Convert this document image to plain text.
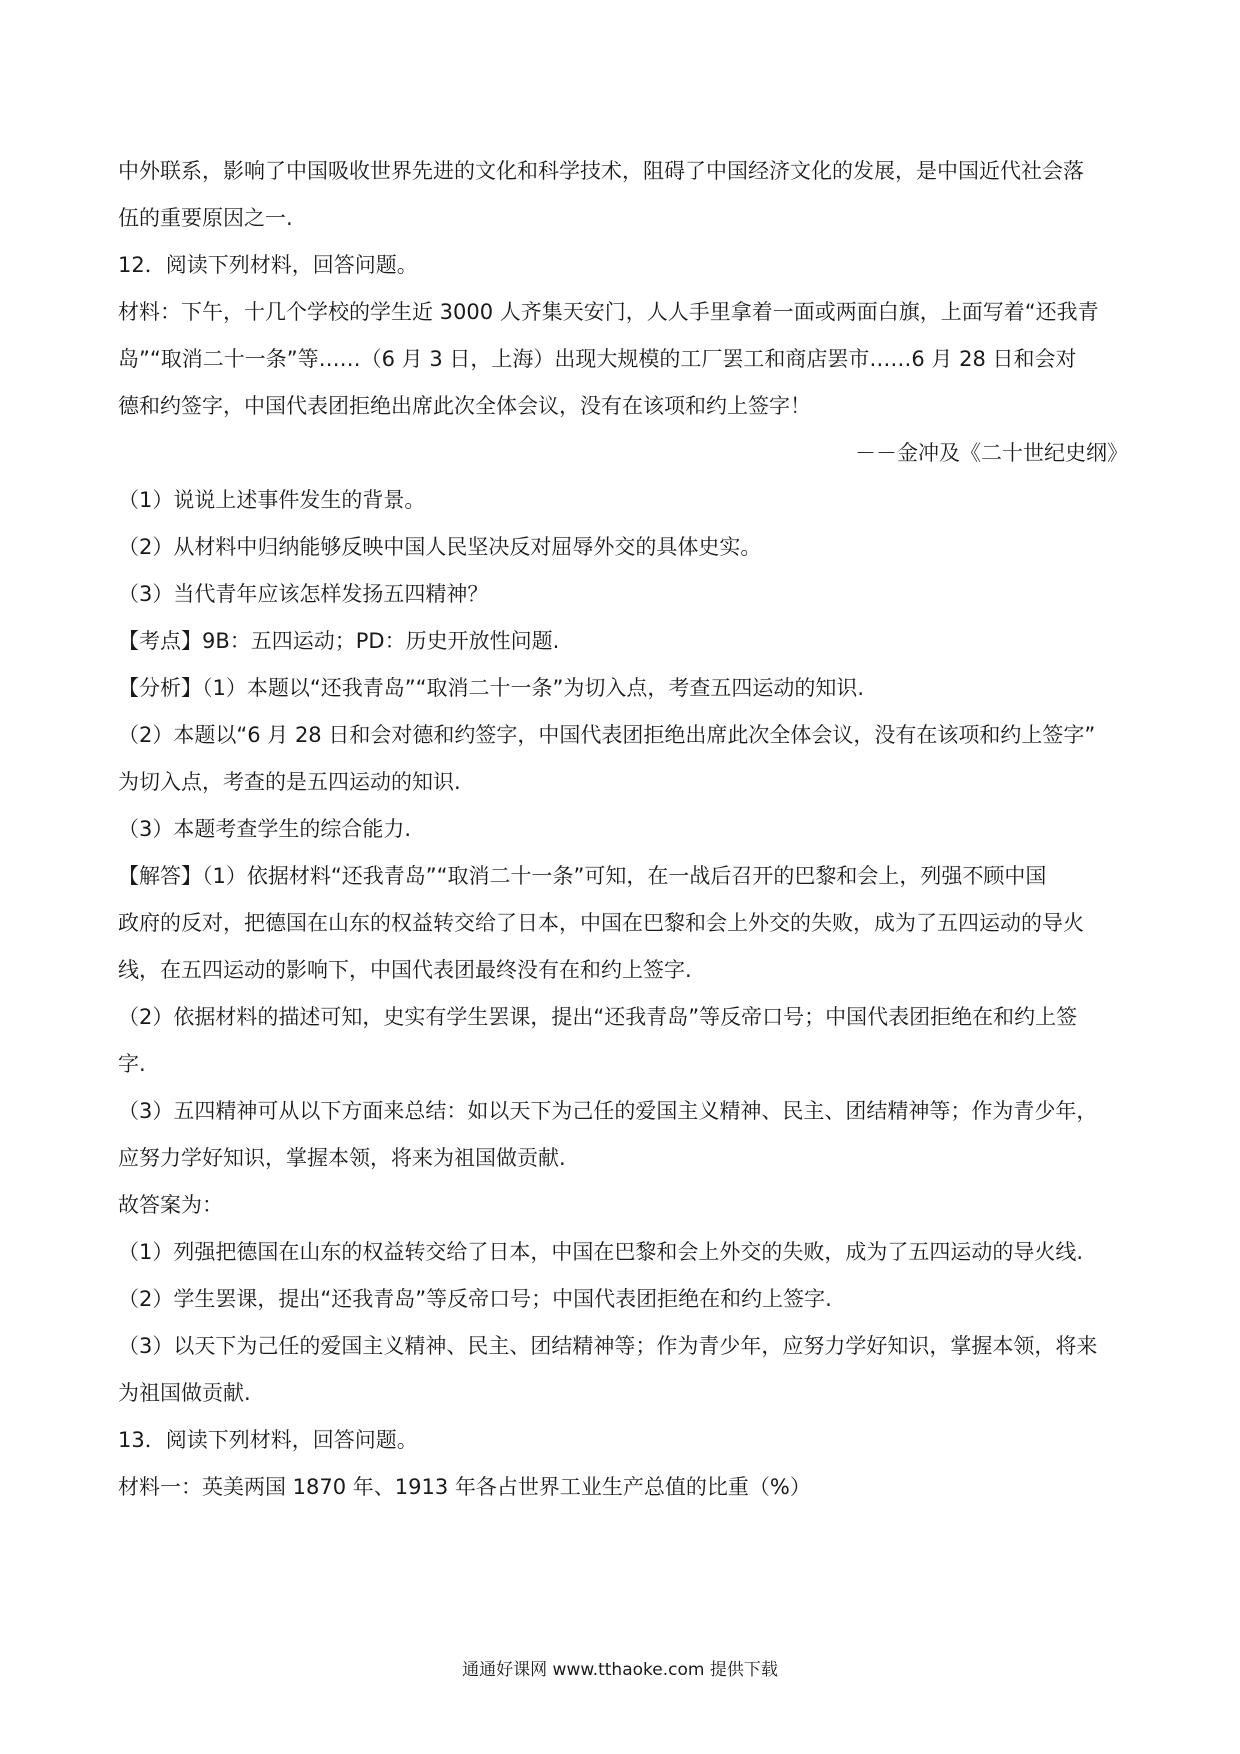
中外联系，影响了中国吸收世界先进的文化和科学技术，阻碍了中国经济文化的发展，是中国近代社会落

伍的重要原因之一.

12．阅读下列材料，回答问题。

材料：下午，十几个学校的学生近 3000 人齐集天安门，人人手里拿着一面或两面白旗，上面写着“还我青

岛”“取消二十一条”等……（6 月 3 日，上海）出现大规模的工厂罢工和商店罢市……6 月 28 日和会对

德和约签字，中国代表团拒绝出席此次全体会议，没有在该项和约上签字！

－－金冲及《二十世纪史纲》

（1）说说上述事件发生的背景。

（2）从材料中归纳能够反映中国人民坚决反对屈辱外交的具体史实。

（3）当代青年应该怎样发扬五四精神？

【考点】9B：五四运动；PD：历史开放性问题.

【分析】（1）本题以“还我青岛”“取消二十一条”为切入点，考查五四运动的知识.

（2）本题以“6 月 28 日和会对德和约签字，中国代表团拒绝出席此次全体会议，没有在该项和约上签字”

为切入点，考查的是五四运动的知识.

（3）本题考查学生的综合能力.

【解答】（1）依据材料“还我青岛”“取消二十一条”可知，在一战后召开的巴黎和会上，列强不顾中国

政府的反对，把德国在山东的权益转交给了日本，中国在巴黎和会上外交的失败，成为了五四运动的导火

线，在五四运动的影响下，中国代表团最终没有在和约上签字.

（2）依据材料的描述可知，史实有学生罢课，提出“还我青岛”等反帝口号；中国代表团拒绝在和约上签

字.

（3）五四精神可从以下方面来总结：如以天下为己任的爱国主义精神、民主、团结精神等；作为青少年，

应努力学好知识，掌握本领，将来为祖国做贡献.

故答案为：

（1）列强把德国在山东的权益转交给了日本，中国在巴黎和会上外交的失败，成为了五四运动的导火线.

（2）学生罢课，提出“还我青岛”等反帝口号；中国代表团拒绝在和约上签字.

（3）以天下为己任的爱国主义精神、民主、团结精神等；作为青少年，应努力学好知识，掌握本领，将来

为祖国做贡献.

13．阅读下列材料，回答问题。

材料一：英美两国 1870 年、1913 年各占世界工业生产总值的比重（%）

通通好课网 www.tthaoke.com 提供下载
